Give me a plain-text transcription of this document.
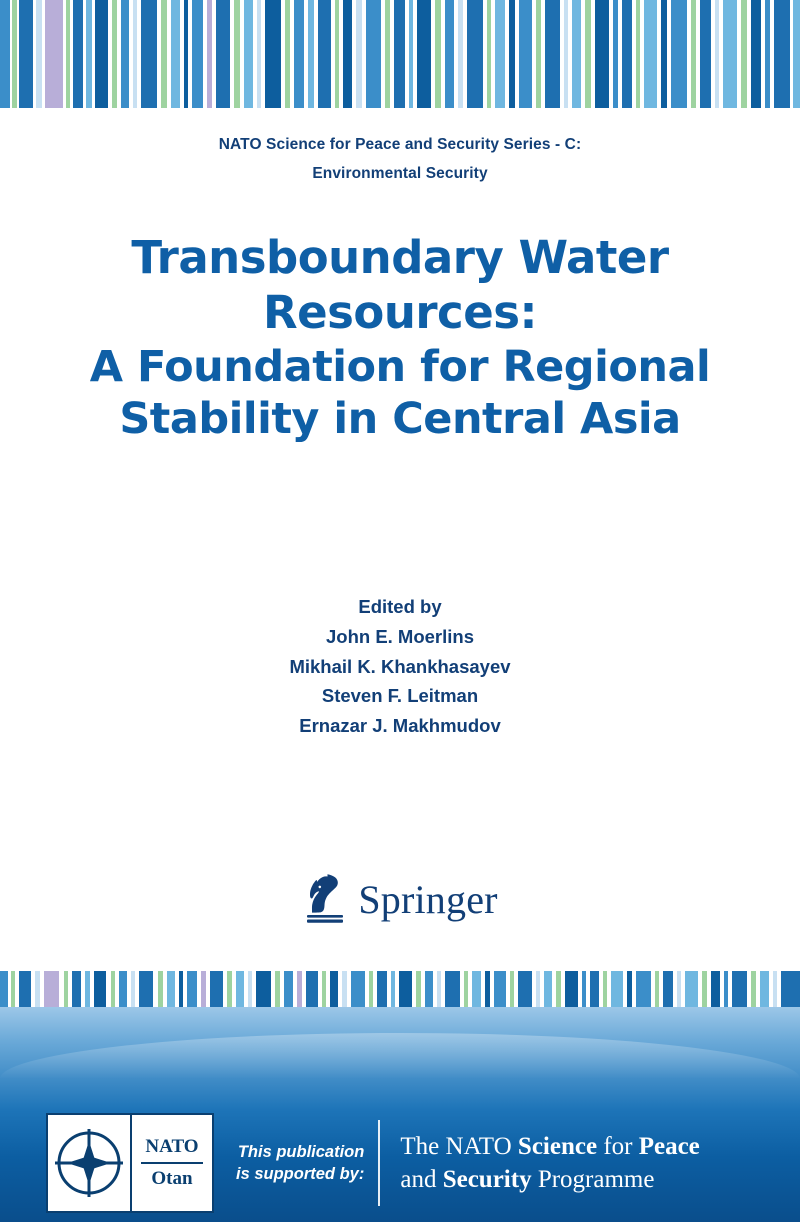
NATO Science for Peace and Security Series - C:
Environmental Security
Transboundary Water
Resources:
A Foundation for Regional
Stability in Central Asia
Edited by
John E. Moerlins
Mikhail K. Khankhasayev
Steven F. Leitman
Ernazar J. Makhmudov
Springer
NATO
Otan
This publication
is supported by:
The NATO Science for Peace
and Security Programme
